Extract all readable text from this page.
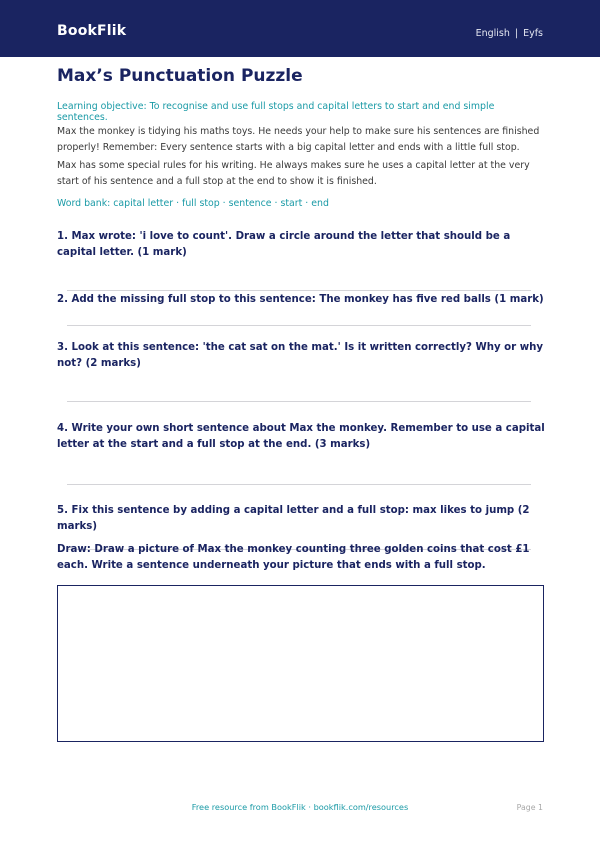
BookFlik	English | Eyfs
Max’s Punctuation Puzzle
Learning objective: To recognise and use full stops and capital letters to start and end simple sentences.
Max the monkey is tidying his maths toys. He needs your help to make sure his sentences are finished properly! Remember: Every sentence starts with a big capital letter and ends with a little full stop.
Max has some special rules for his writing. He always makes sure he uses a capital letter at the very start of his sentence and a full stop at the end to show it is finished.
Word bank: capital letter · full stop · sentence · start · end
1. Max wrote: 'i love to count'. Draw a circle around the letter that should be a capital letter. (1 mark)
2. Add the missing full stop to this sentence: The monkey has five red balls (1 mark)
3. Look at this sentence: 'the cat sat on the mat.' Is it written correctly? Why or why not? (2 marks)
4. Write your own short sentence about Max the monkey. Remember to use a capital letter at the start and a full stop at the end. (3 marks)
5. Fix this sentence by adding a capital letter and a full stop: max likes to jump (2 marks)
Draw: Draw a picture of Max the monkey counting three golden coins that cost £1 each. Write a sentence underneath your picture that ends with a full stop.
Free resource from BookFlik · bookflik.com/resources	Page 1
